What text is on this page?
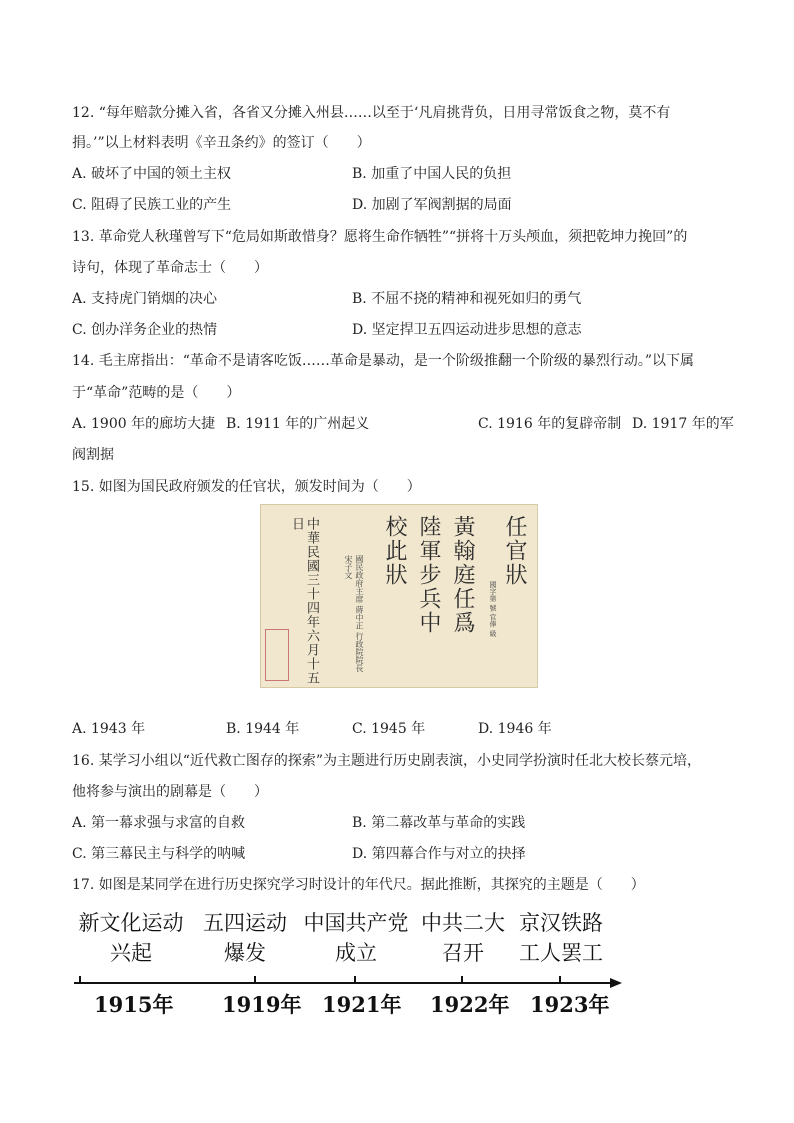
12. “每年赔款分摊入省，各省又分摊入州县……以至于‘凡肩挑背负，日用寻常饭食之物，莫不有
捐。’”以上材料表明《辛丑条约》的签订（　　）
A. 破坏了中国的领土主权	B. 加重了中国人民的负担
C. 阻碍了民族工业的产生	D. 加剧了军阀割据的局面
13. 革命党人秋瑾曾写下“危局如斯敢惜身？愿将生命作牺牲”“拼将十万头颅血，须把乾坤力挽回”的
诗句，体现了革命志士（　　）
A. 支持虎门销烟的决心	B. 不屈不挠的精神和视死如归的勇气
C. 创办洋务企业的热情	D. 坚定捍卫五四运动进步思想的意志
14. 毛主席指出：“革命不是请客吃饭……革命是暴动，是一个阶级推翻一个阶级的暴烈行动。”以下属
于“革命”范畴的是（　　）
A. 1900 年的廊坊大捷 B. 1911 年的广州起义	C. 1916 年的复辟帝制 D. 1917 年的军
阀割据
15. 如图为国民政府颁发的任官状，颁发时间为（　　）
任官狀
國字第 號 官俸 級
黃翰庭任爲
陸軍步兵中
校此狀
國民政府主席 蔣中正 行政院院長 宋子文
中華民國三十四年六月十五日
A. 1943 年	B. 1944 年	C. 1945 年	D. 1946 年
16. 某学习小组以“近代救亡图存的探索”为主题进行历史剧表演，小史同学扮演时任北大校长蔡元培，
他将参与演出的剧幕是（　　）
A. 第一幕求强与求富的自救	B. 第二幕改革与革命的实践
C. 第三幕民主与科学的呐喊	D. 第四幕合作与对立的抉择
17. 如图是某同学在进行历史探究学习时设计的年代尺。据此推断，其探究的主题是（　　）
新文化运动
兴起
五四运动
爆发
中国共产党
成立
中共二大
召开
京汉铁路
工人罢工
1915年 1919年 1921年 1922年 1923年
